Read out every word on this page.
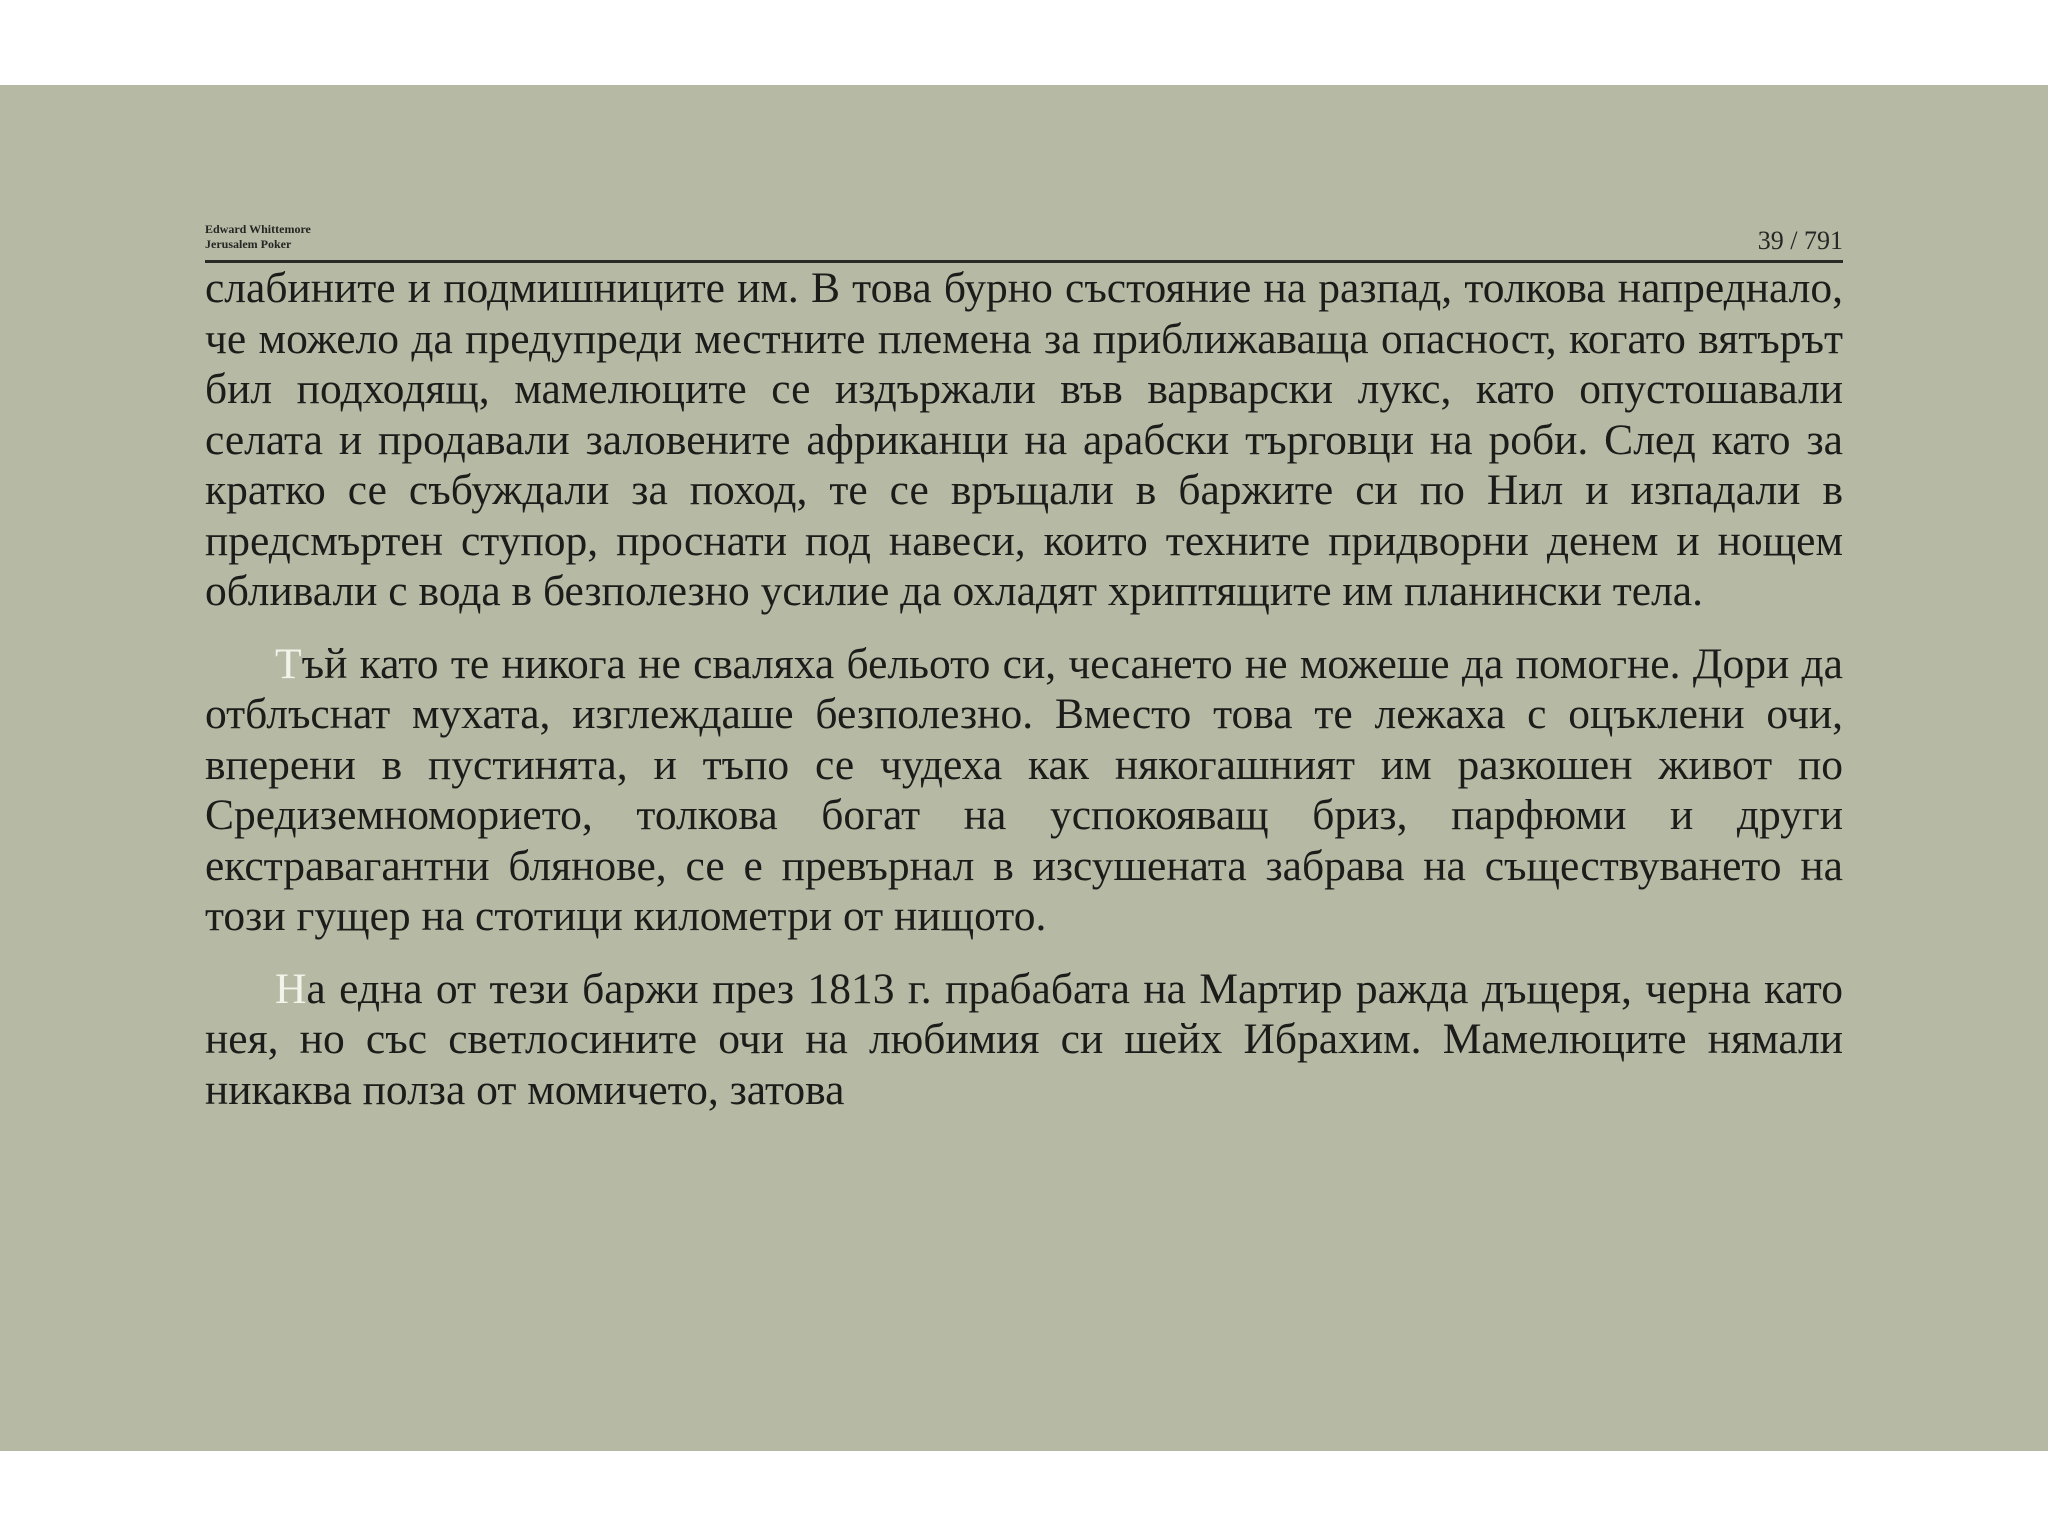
Edward Whittemore
Jerusalem Poker	39 / 791

слабините и подмишниците им. В това бурно състояние на разпад, толкова напреднало, че можело да предупреди местните племена за приближаваща опасност, когато вятърът бил подходящ, мамелюците се издържали във варварски лукс, като опустошавали селата и продавали заловените африканци на арабски търговци на роби. След като за кратко се събуждали за поход, те се връщали в баржите си по Нил и изпадали в предсмъртен ступор, проснати под навеси, които техните придворни денем и нощем обливали с вода в безполезно усилие да охладят хриптящите им планински тела.

Тъй като те никога не сваляха бельото си, чесането не можеше да помогне. Дори да отблъснат мухата, изглеждаше безполезно. Вместо това те лежаха с оцъклени очи, вперени в пустинята, и тъпо се чудеха как някогашният им разкошен живот по Средиземноморието, толкова богат на успокояващ бриз, парфюми и други екстравагантни блянове, се е превърнал в изсушената забрава на съществуването на този гущер на стотици километри от нищото.

На една от тези баржи през 1813 г. прабабата на Мартир ражда дъщеря, черна като нея, но със светлосините очи на любимия си шейх Ибрахим. Мамелюците нямали никаква полза от момичето, затова
